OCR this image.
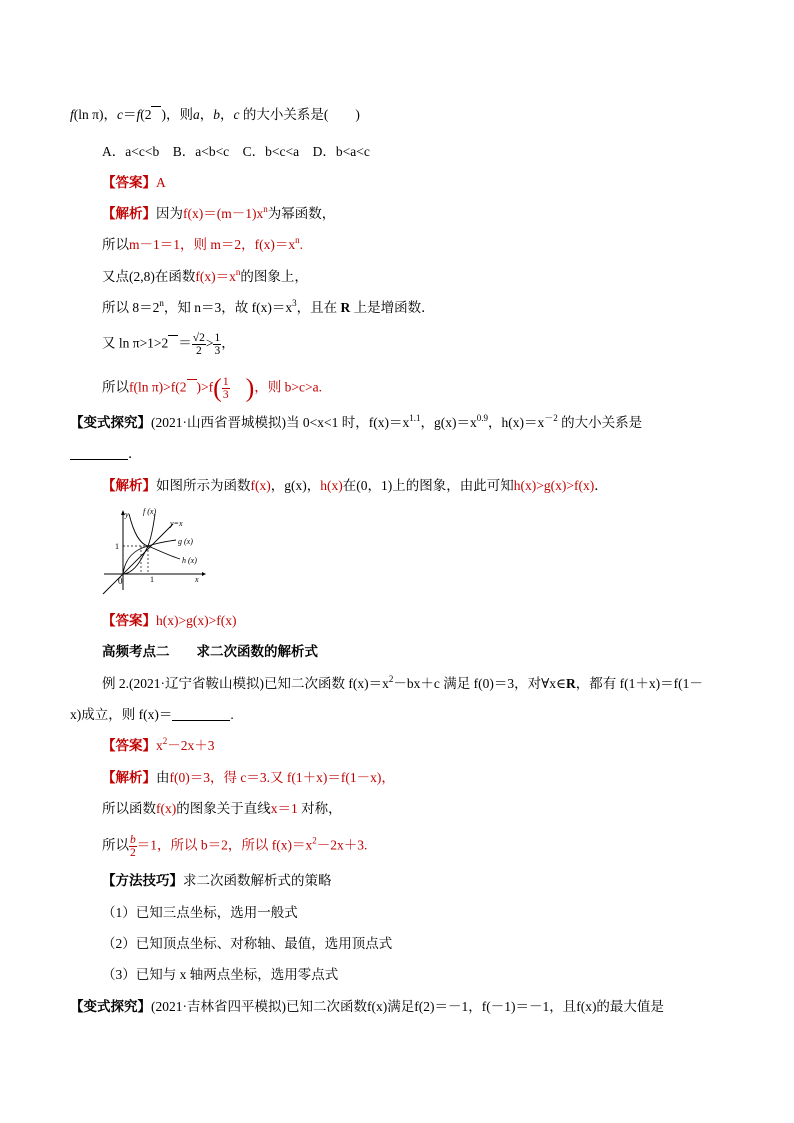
f(ln π)，c＝f(2 )，则a，b，c 的大小关系是(　　)
A．a<c<b　B．a<b<c　C．b<c<a　D．b<a<c
【答案】A
【解析】因为$f(x)=(m-1)x^n$为幂函数，
所以m－1＝1，则 m＝2，$f(x)=x^n$.
又点(2,8)在函数$f(x)=x^n$的图象上，
所以 $8=2^n$，知 n＝3，故 $f(x)=x^3$，且在 R 上是增函数．
又 $\ln \pi>1>2 = \frac{√2}{2} > \frac{1}{3}$ ，
所以f(ln π)>f(2 )$>f( \frac{1}{3}$ )，则 b>c>a.
【变式探究】(2021·山西省晋城模拟)当 0<x<1 时，$f(x)=x^{1.1}$，$g(x)=x^{0.9}$，$h(x)=x^{-2}$ 的大小关系是
．
【解析】如图所示为函数f(x)，g(x)，h(x)在(0，1)上的图象，由此可知h(x)>g(x)>f(x)．
y f (x)
y=x
g (x)
h (x)
1
0	1	x
【答案】h(x)>g(x)>f(x)
高频考点二　　求二次函数的解析式
例 2.(2021·辽宁省鞍山模拟)已知二次函数 $f(x)=x^2-bx+c$ 满足 f(0)＝3，对∀x∈R，都有 f(1＋x)＝f(1－
x)成立，则 f(x)＝	.
【答案】$x^2-2x+3$
【解析】由f(0)＝3，得 c＝3.又 f(1＋x)＝f(1－x)，
所以函数f(x)的图象关于直线x＝1 对称，
所以 $\frac{b}{2} =1$，所以 b＝2，所以 $f(x)=x^2-2x+3$.
【方法技巧】求二次函数解析式的策略
（1）已知三点坐标，选用一般式
（2）已知顶点坐标、对称轴、最值，选用顶点式
（3）已知与 x 轴两点坐标，选用零点式
【变式探究】(2021·吉林省四平模拟)已知二次函数f(x)满足f(2)＝－1，f(－1)＝－1，且f(x)的最大值是
